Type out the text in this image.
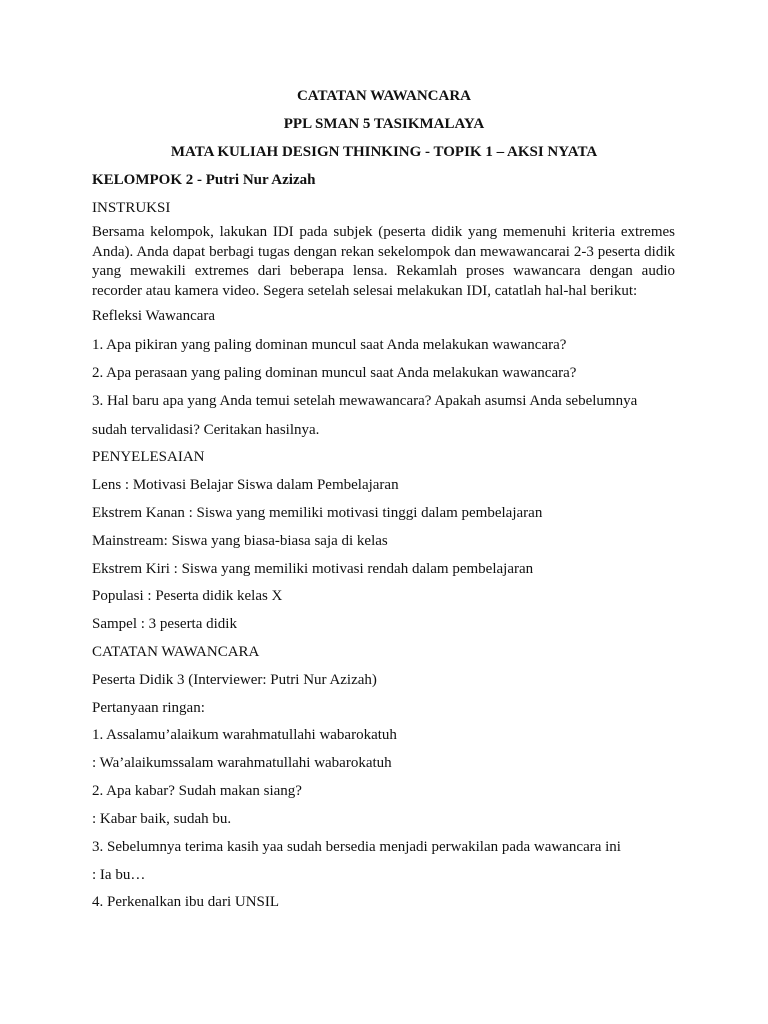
CATATAN WAWANCARA
PPL SMAN 5 TASIKMALAYA
MATA KULIAH DESIGN THINKING - TOPIK 1 – AKSI NYATA
KELOMPOK 2 - Putri Nur Azizah
INSTRUKSI
Bersama kelompok, lakukan IDI pada subjek (peserta didik yang memenuhi kriteria extremes Anda). Anda dapat berbagi tugas dengan rekan sekelompok dan mewawancarai 2-3 peserta didik yang mewakili extremes dari beberapa lensa. Rekamlah proses wawancara dengan audio recorder atau kamera video. Segera setelah selesai melakukan IDI, catatlah hal-hal berikut:
Refleksi Wawancara
1. Apa pikiran yang paling dominan muncul saat Anda melakukan wawancara?
2. Apa perasaan yang paling dominan muncul saat Anda melakukan wawancara?
3. Hal baru apa yang Anda temui setelah mewawancara? Apakah asumsi Anda sebelumnya
sudah tervalidasi? Ceritakan hasilnya.
PENYELESAIAN
Lens : Motivasi Belajar Siswa dalam Pembelajaran
Ekstrem Kanan : Siswa yang memiliki motivasi tinggi dalam pembelajaran
Mainstream: Siswa yang biasa-biasa saja di kelas
Ekstrem Kiri : Siswa yang memiliki motivasi rendah dalam pembelajaran
Populasi : Peserta didik kelas X
Sampel : 3 peserta didik
CATATAN WAWANCARA
Peserta Didik 3 (Interviewer: Putri Nur Azizah)
Pertanyaan ringan:
1. Assalamu’alaikum warahmatullahi wabarokatuh
: Wa’alaikumssalam warahmatullahi wabarokatuh
2. Apa kabar? Sudah makan siang?
: Kabar baik, sudah bu.
3. Sebelumnya terima kasih yaa sudah bersedia menjadi perwakilan pada wawancara ini
: Ia bu…
4. Perkenalkan ibu dari UNSIL
